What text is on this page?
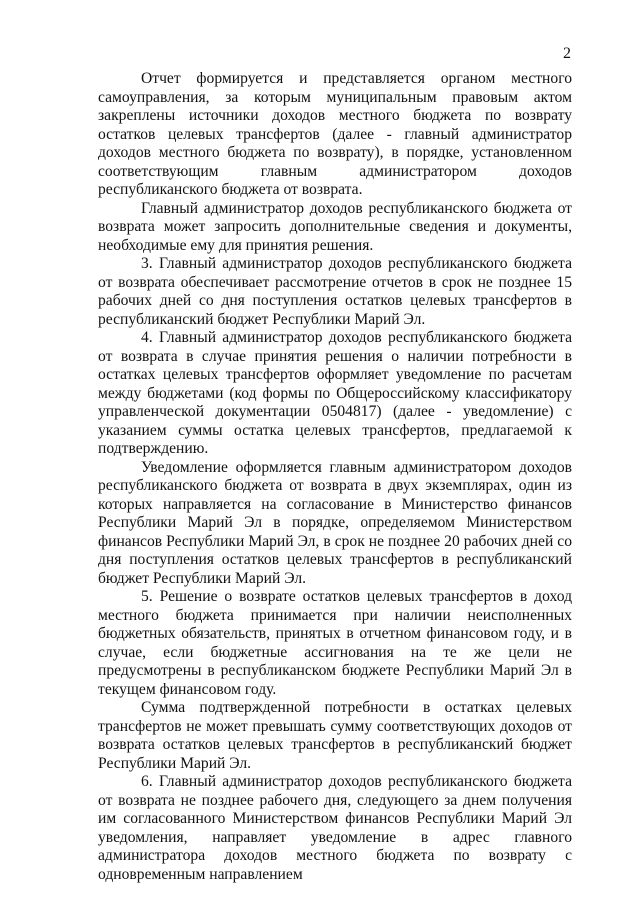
2

Отчет формируется и представляется органом местного самоуправления, за которым муниципальным правовым актом закреплены источники доходов местного бюджета по возврату остатков целевых трансфертов (далее - главный администратор доходов местного бюджета по возврату), в порядке, установленном соответствующим главным администратором доходов республиканского бюджета от возврата.

Главный администратор доходов республиканского бюджета от возврата может запросить дополнительные сведения и документы, необходимые ему для принятия решения.

3. Главный администратор доходов республиканского бюджета от возврата обеспечивает рассмотрение отчетов в срок не позднее 15 рабочих дней со дня поступления остатков целевых трансфертов в республиканский бюджет Республики Марий Эл.

4. Главный администратор доходов республиканского бюджета от возврата в случае принятия решения о наличии потребности в остатках целевых трансфертов оформляет уведомление по расчетам между бюджетами (код формы по Общероссийскому классификатору управленческой документации 0504817) (далее - уведомление) с указанием суммы остатка целевых трансфертов, предлагаемой к подтверждению.

Уведомление оформляется главным администратором доходов республиканского бюджета от возврата в двух экземплярах, один из которых направляется на согласование в Министерство финансов Республики Марий Эл в порядке, определяемом Министерством финансов Республики Марий Эл, в срок не позднее 20 рабочих дней со дня поступления остатков целевых трансфертов в республиканский бюджет Республики Марий Эл.

5. Решение о возврате остатков целевых трансфертов в доход местного бюджета принимается при наличии неисполненных бюджетных обязательств, принятых в отчетном финансовом году, и в случае, если бюджетные ассигнования на те же цели не предусмотрены в республиканском бюджете Республики Марий Эл в текущем финансовом году.

Сумма подтвержденной потребности в остатках целевых трансфертов не может превышать сумму соответствующих доходов от возврата остатков целевых трансфертов в республиканский бюджет Республики Марий Эл.

6. Главный администратор доходов республиканского бюджета от возврата не позднее рабочего дня, следующего за днем получения им согласованного Министерством финансов Республики Марий Эл уведомления, направляет уведомление в адрес главного администратора доходов местного бюджета по возврату с одновременным направлением
